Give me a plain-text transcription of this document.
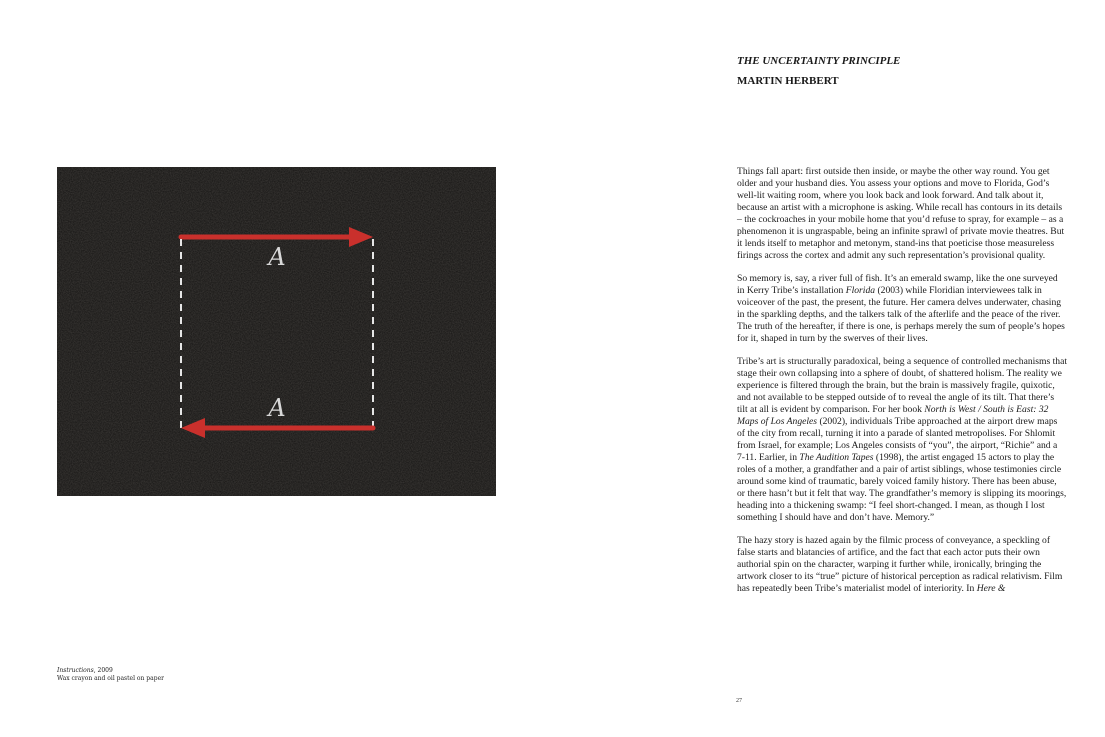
A
A
Instructions, 2009
Wax crayon and oil pastel on paper
THE UNCERTAINTY PRINCIPLE
MARTIN HERBERT

Things fall apart: first outside then inside, or maybe the other way round. You get older and your husband dies. You assess your options and move to Florida, God’s well-lit waiting room, where you look back and look forward. And talk about it, because an artist with a microphone is asking. While recall has contours in its details – the cockroaches in your mobile home that you’d refuse to spray, for example – as a phenomenon it is ungraspable, being an infinite sprawl of private movie theatres. But it lends itself to metaphor and metonym, stand-ins that poeticise those measureless firings across the cortex and admit any such representation’s provisional quality.

So memory is, say, a river full of fish. It’s an emerald swamp, like the one surveyed in Kerry Tribe’s installation Florida (2003) while Floridian interviewees talk in voiceover of the past, the present, the future. Her camera delves underwater, chasing in the sparkling depths, and the talkers talk of the afterlife and the peace of the river. The truth of the hereafter, if there is one, is perhaps merely the sum of people’s hopes for it, shaped in turn by the swerves of their lives.

Tribe’s art is structurally paradoxical, being a sequence of controlled mechanisms that stage their own collapsing into a sphere of doubt, of shattered holism. The reality we experience is filtered through the brain, but the brain is massively fragile, quixotic, and not available to be stepped outside of to reveal the angle of its tilt. That there’s tilt at all is evident by comparison. For her book North is West / South is East: 32 Maps of Los Angeles (2002), individuals Tribe approached at the airport drew maps of the city from recall, turning it into a parade of slanted metropolises. For Shlomit from Israel, for example; Los Angeles consists of “you”, the airport, “Richie” and a 7-11. Earlier, in The Audition Tapes (1998), the artist engaged 15 actors to play the roles of a mother, a grandfather and a pair of artist siblings, whose testimonies circle around some kind of traumatic, barely voiced family history. There has been abuse, or there hasn’t but it felt that way. The grandfather’s memory is slipping its moorings, heading into a thickening swamp: “I feel short-changed. I mean, as though I lost something I should have and don’t have. Memory.”

The hazy story is hazed again by the filmic process of conveyance, a speckling of false starts and blatancies of artifice, and the fact that each actor puts their own authorial spin on the character, warping it further while, ironically, bringing the artwork closer to its “true” picture of historical perception as radical relativism. Film has repeatedly been Tribe’s materialist model of interiority. In Here &

27
